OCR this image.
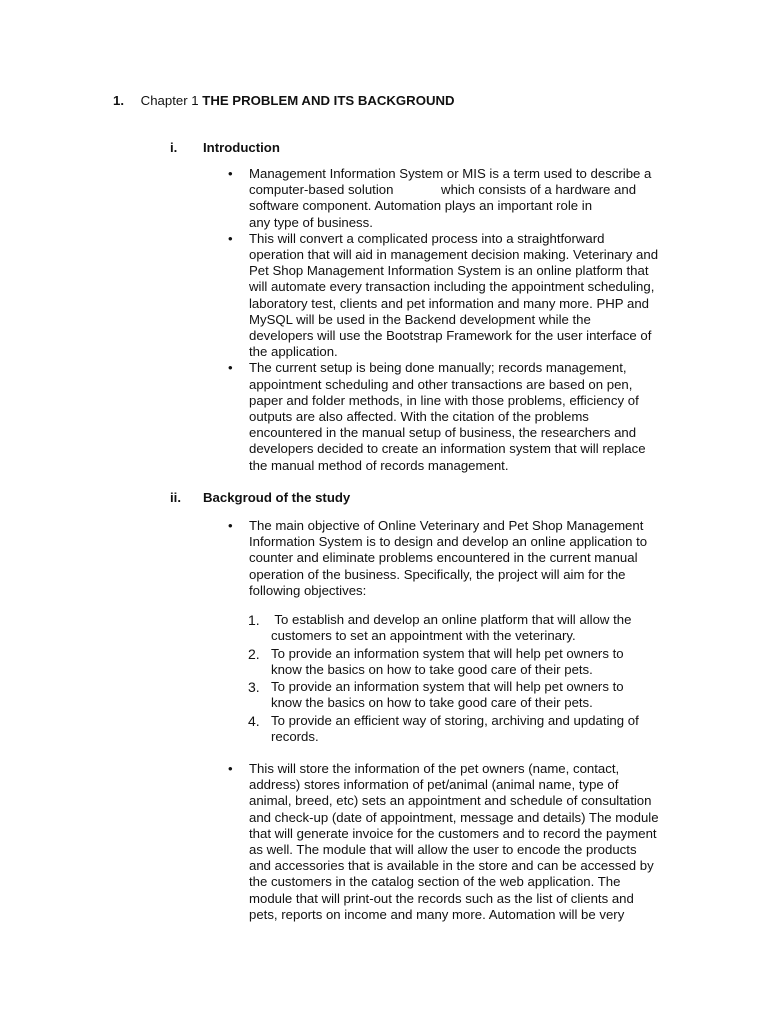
1. Chapter 1 THE PROBLEM AND ITS BACKGROUND
i. Introduction
• Management Information System or MIS is a term used to describe a
computer-based solution             which consists of a hardware and
software component. Automation plays an important role in
any type of business.
• This will convert a complicated process into a straightforward
operation that will aid in management decision making. Veterinary and
Pet Shop Management Information System is an online platform that
will automate every transaction including the appointment scheduling,
laboratory test, clients and pet information and many more. PHP and
MySQL will be used in the Backend development while the
developers will use the Bootstrap Framework for the user interface of
the application.
• The current setup is being done manually; records management,
appointment scheduling and other transactions are based on pen,
paper and folder methods, in line with those problems, efficiency of
outputs are also affected. With the citation of the problems
encountered in the manual setup of business, the researchers and
developers decided to create an information system that will replace
the manual method of records management.
ii. Backgroud of the study
• The main objective of Online Veterinary and Pet Shop Management
Information System is to design and develop an online application to
counter and eliminate problems encountered in the current manual
operation of the business. Specifically, the project will aim for the
following objectives:
1. To establish and develop an online platform that will allow the
customers to set an appointment with the veterinary.
2. To provide an information system that will help pet owners to
know the basics on how to take good care of their pets.
3. To provide an information system that will help pet owners to
know the basics on how to take good care of their pets.
4. To provide an efficient way of storing, archiving and updating of
records.
• This will store the information of the pet owners (name, contact,
address) stores information of pet/animal (animal name, type of
animal, breed, etc) sets an appointment and schedule of consultation
and check-up (date of appointment, message and details) The module
that will generate invoice for the customers and to record the payment
as well. The module that will allow the user to encode the products
and accessories that is available in the store and can be accessed by
the customers in the catalog section of the web application. The
module that will print-out the records such as the list of clients and
pets, reports on income and many more. Automation will be very
